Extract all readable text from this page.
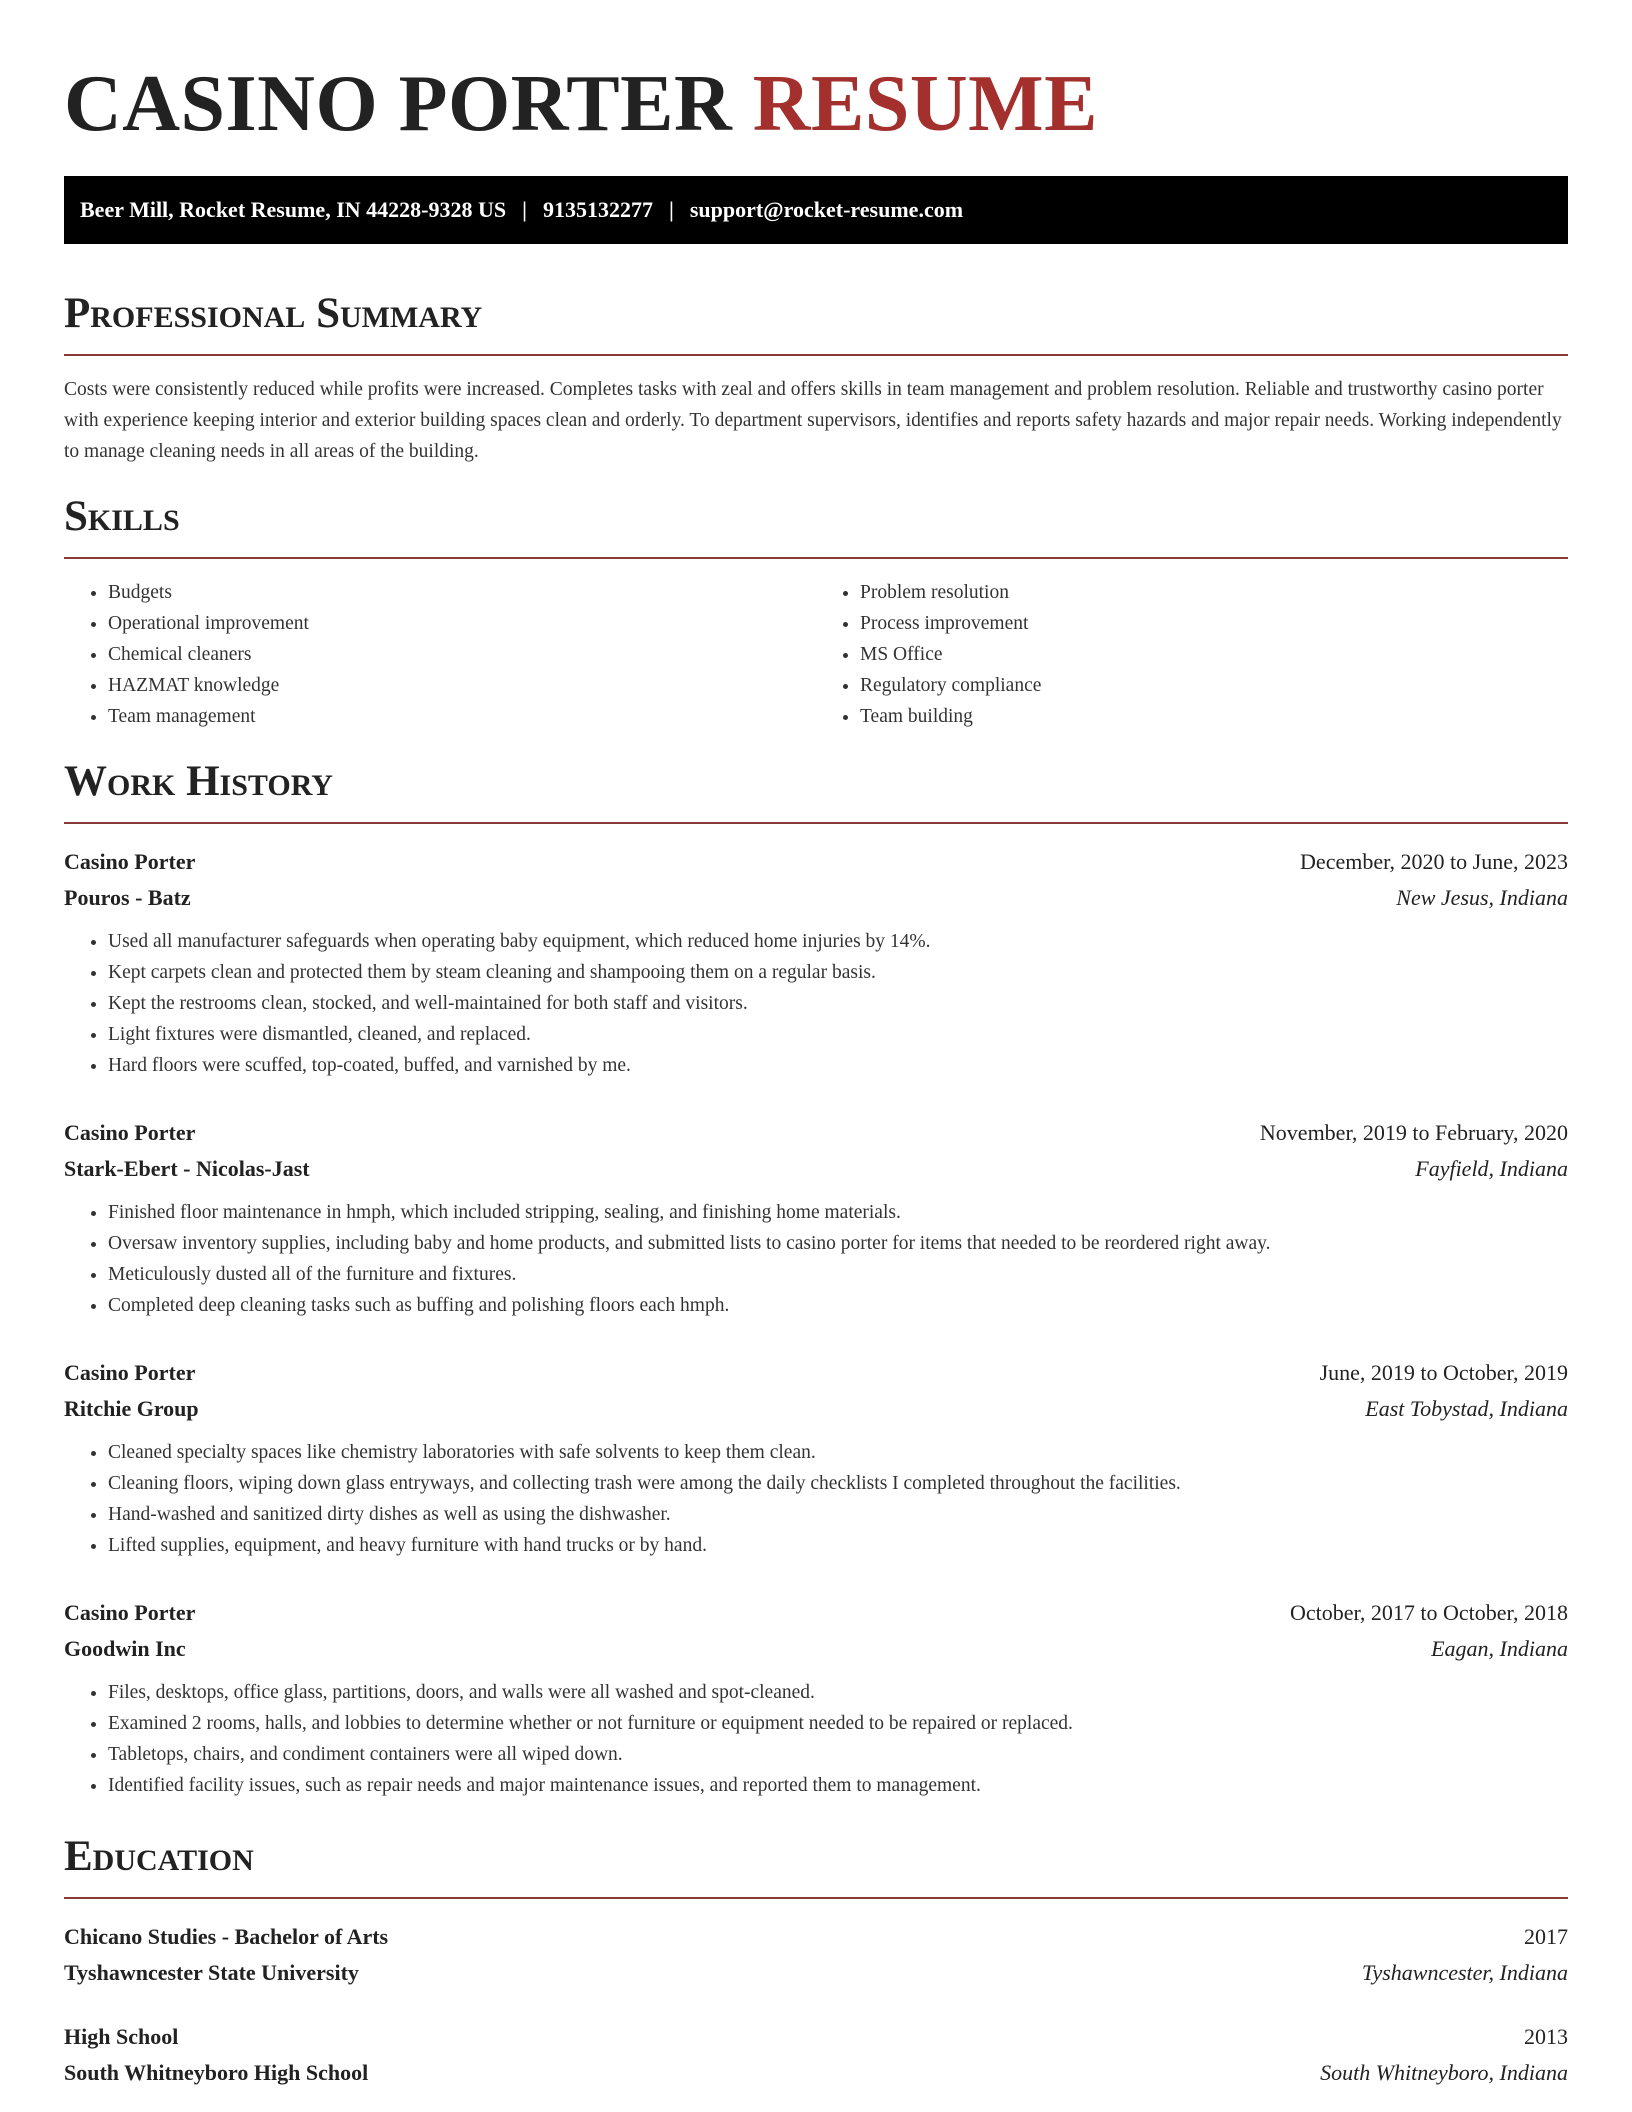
CASINO PORTER RESUME
Beer Mill, Rocket Resume, IN 44228-9328 US | 9135132277 | support@rocket-resume.com
Professional Summary

Costs were consistently reduced while profits were increased. Completes tasks with zeal and offers skills in team management and problem resolution. Reliable and trustworthy casino porter with experience keeping interior and exterior building spaces clean and orderly. To department supervisors, identifies and reports safety hazards and major repair needs. Working independently to manage cleaning needs in all areas of the building.

Skills
• Budgets
• Operational improvement
• Chemical cleaners
• HAZMAT knowledge
• Team management
• Problem resolution
• Process improvement
• MS Office
• Regulatory compliance
• Team building
Work History
Casino Porter	December, 2020 to June, 2023
Pouros - Batz	New Jesus, Indiana
• Used all manufacturer safeguards when operating baby equipment, which reduced home injuries by 14%.
• Kept carpets clean and protected them by steam cleaning and shampooing them on a regular basis.
• Kept the restrooms clean, stocked, and well-maintained for both staff and visitors.
• Light fixtures were dismantled, cleaned, and replaced.
• Hard floors were scuffed, top-coated, buffed, and varnished by me.
Casino Porter	November, 2019 to February, 2020
Stark-Ebert - Nicolas-Jast	Fayfield, Indiana
• Finished floor maintenance in hmph, which included stripping, sealing, and finishing home materials.
• Oversaw inventory supplies, including baby and home products, and submitted lists to casino porter for items that needed to be reordered right away.
• Meticulously dusted all of the furniture and fixtures.
• Completed deep cleaning tasks such as buffing and polishing floors each hmph.
Casino Porter	June, 2019 to October, 2019
Ritchie Group	East Tobystad, Indiana
• Cleaned specialty spaces like chemistry laboratories with safe solvents to keep them clean.
• Cleaning floors, wiping down glass entryways, and collecting trash were among the daily checklists I completed throughout the facilities.
• Hand-washed and sanitized dirty dishes as well as using the dishwasher.
• Lifted supplies, equipment, and heavy furniture with hand trucks or by hand.
Casino Porter	October, 2017 to October, 2018
Goodwin Inc	Eagan, Indiana
• Files, desktops, office glass, partitions, doors, and walls were all washed and spot-cleaned.
• Examined 2 rooms, halls, and lobbies to determine whether or not furniture or equipment needed to be repaired or replaced.
• Tabletops, chairs, and condiment containers were all wiped down.
• Identified facility issues, such as repair needs and major maintenance issues, and reported them to management.
Education
Chicano Studies - Bachelor of Arts	2017
Tyshawncester State University	Tyshawncester, Indiana
High School	2013
South Whitneyboro High School	South Whitneyboro, Indiana
